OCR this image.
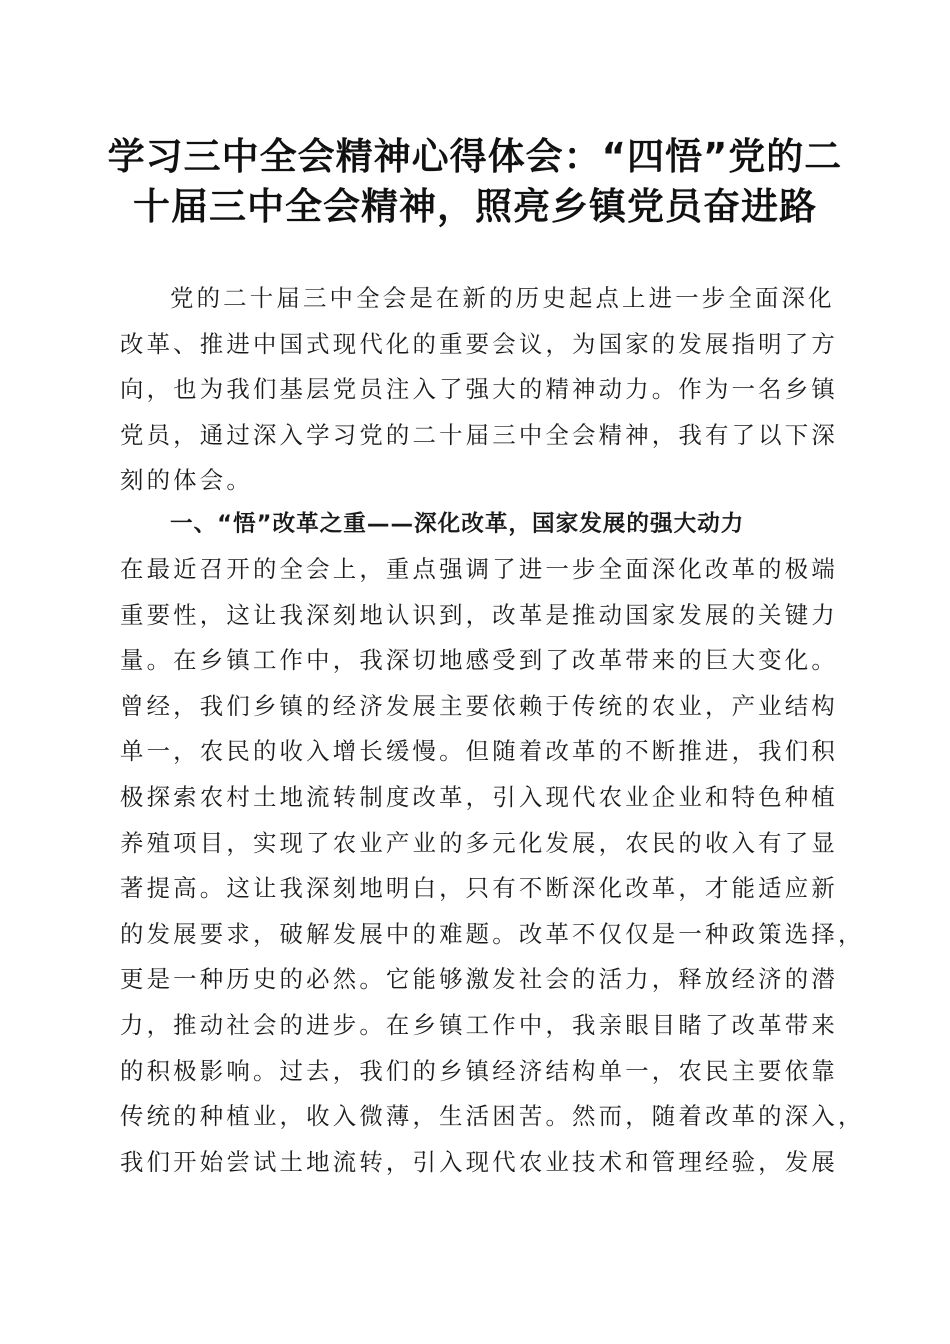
学习三中全会精神心得体会：“四悟”党的二
十届三中全会精神，照亮乡镇党员奋进路
党的二十届三中全会是在新的历史起点上进一步全面深化
改革、推进中国式现代化的重要会议，为国家的发展指明了方
向，也为我们基层党员注入了强大的精神动力。作为一名乡镇
党员，通过深入学习党的二十届三中全会精神，我有了以下深
刻的体会。
一、“悟”改革之重——深化改革，国家发展的强大动力
在最近召开的全会上，重点强调了进一步全面深化改革的极端
重要性，这让我深刻地认识到，改革是推动国家发展的关键力
量。在乡镇工作中，我深切地感受到了改革带来的巨大变化。
曾经，我们乡镇的经济发展主要依赖于传统的农业，产业结构
单一，农民的收入增长缓慢。但随着改革的不断推进，我们积
极探索农村土地流转制度改革，引入现代农业企业和特色种植
养殖项目，实现了农业产业的多元化发展，农民的收入有了显
著提高。这让我深刻地明白，只有不断深化改革，才能适应新
的发展要求，破解发展中的难题。改革不仅仅是一种政策选择，
更是一种历史的必然。它能够激发社会的活力，释放经济的潜
力，推动社会的进步。在乡镇工作中，我亲眼目睹了改革带来
的积极影响。过去，我们的乡镇经济结构单一，农民主要依靠
传统的种植业，收入微薄，生活困苦。然而，随着改革的深入，
我们开始尝试土地流转，引入现代农业技术和管理经验，发展
